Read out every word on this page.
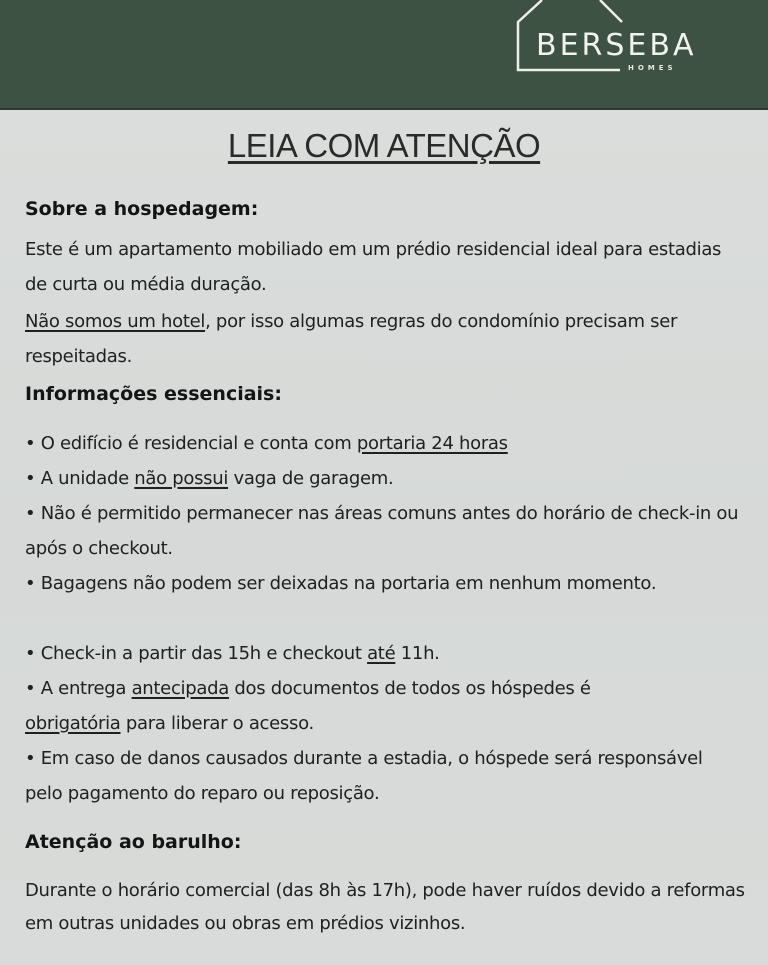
BERSEBA
HOMES
LEIA COM ATENÇÃO
Sobre a hospedagem:
Este é um apartamento mobiliado em um prédio residencial ideal para estadias de curta ou média duração.
Não somos um hotel, por isso algumas regras do condomínio precisam ser respeitadas.
Informações essenciais:
• O edifício é residencial e conta com portaria 24 horas
• A unidade não possui vaga de garagem.
• Não é permitido permanecer nas áreas comuns antes do horário de check-in ou após o checkout.
• Bagagens não podem ser deixadas na portaria em nenhum momento.
• Check-in a partir das 15h e checkout até 11h.
• A entrega antecipada dos documentos de todos os hóspedes é
obrigatória para liberar o acesso.
• Em caso de danos causados durante a estadia, o hóspede será responsável pelo pagamento do reparo ou reposição.
Atenção ao barulho:
Durante o horário comercial (das 8h às 17h), pode haver ruídos devido a reformas em outras unidades ou obras em prédios vizinhos.
